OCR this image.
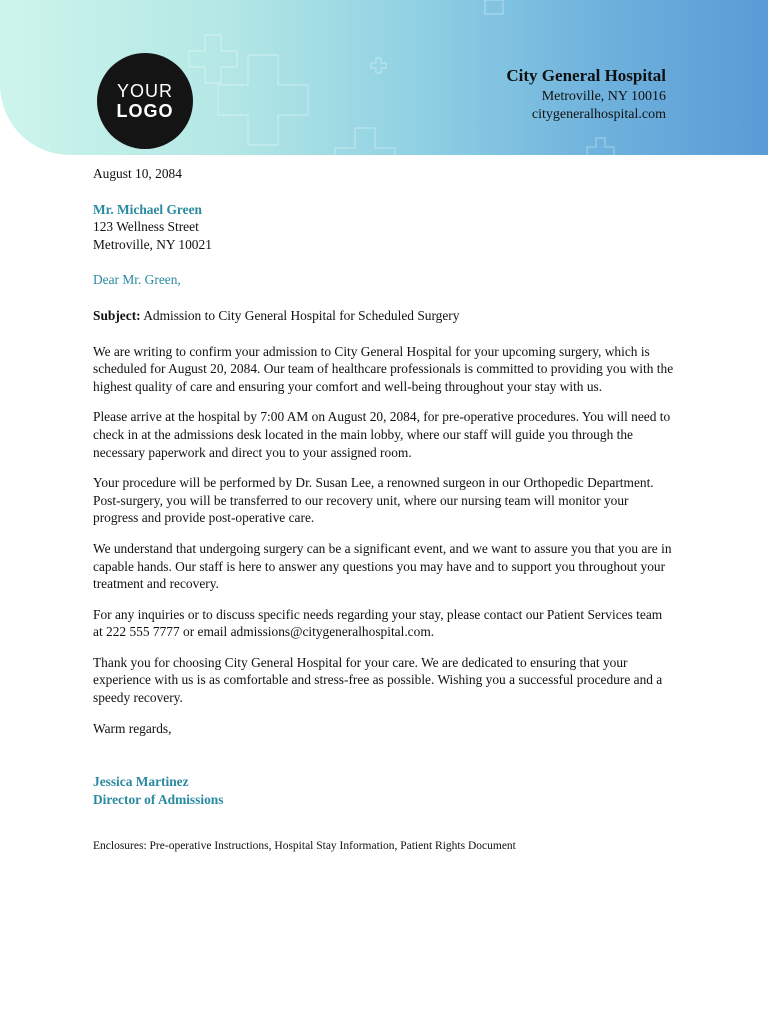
YOUR
LOGO
City General Hospital
Metroville, NY 10016
citygeneralhospital.com

August 10, 2084

Mr. Michael Green

123 Wellness Street

Metroville, NY 10021

Dear Mr. Green,

Subject: Admission to City General Hospital for Scheduled Surgery

We are writing to confirm your admission to City General Hospital for your upcoming surgery, which is scheduled for August 20, 2084. Our team of healthcare professionals is committed to providing you with the highest quality of care and ensuring your comfort and well-being throughout your stay with us.

Please arrive at the hospital by 7:00 AM on August 20, 2084, for pre-operative procedures. You will need to check in at the admissions desk located in the main lobby, where our staff will guide you through the necessary paperwork and direct you to your assigned room.

Your procedure will be performed by Dr. Susan Lee, a renowned surgeon in our Orthopedic Department. Post-surgery, you will be transferred to our recovery unit, where our nursing team will monitor your progress and provide post-operative care.

We understand that undergoing surgery can be a significant event, and we want to assure you that you are in capable hands. Our staff is here to answer any questions you may have and to support you throughout your treatment and recovery.

For any inquiries or to discuss specific needs regarding your stay, please contact our Patient Services team at 222 555 7777 or email admissions@citygeneralhospital.com.

Thank you for choosing City General Hospital for your care. We are dedicated to ensuring that your experience with us is as comfortable and stress-free as possible. Wishing you a successful procedure and a speedy recovery.

Warm regards,

Jessica Martinez

Director of Admissions

Enclosures: Pre-operative Instructions, Hospital Stay Information, Patient Rights Document
